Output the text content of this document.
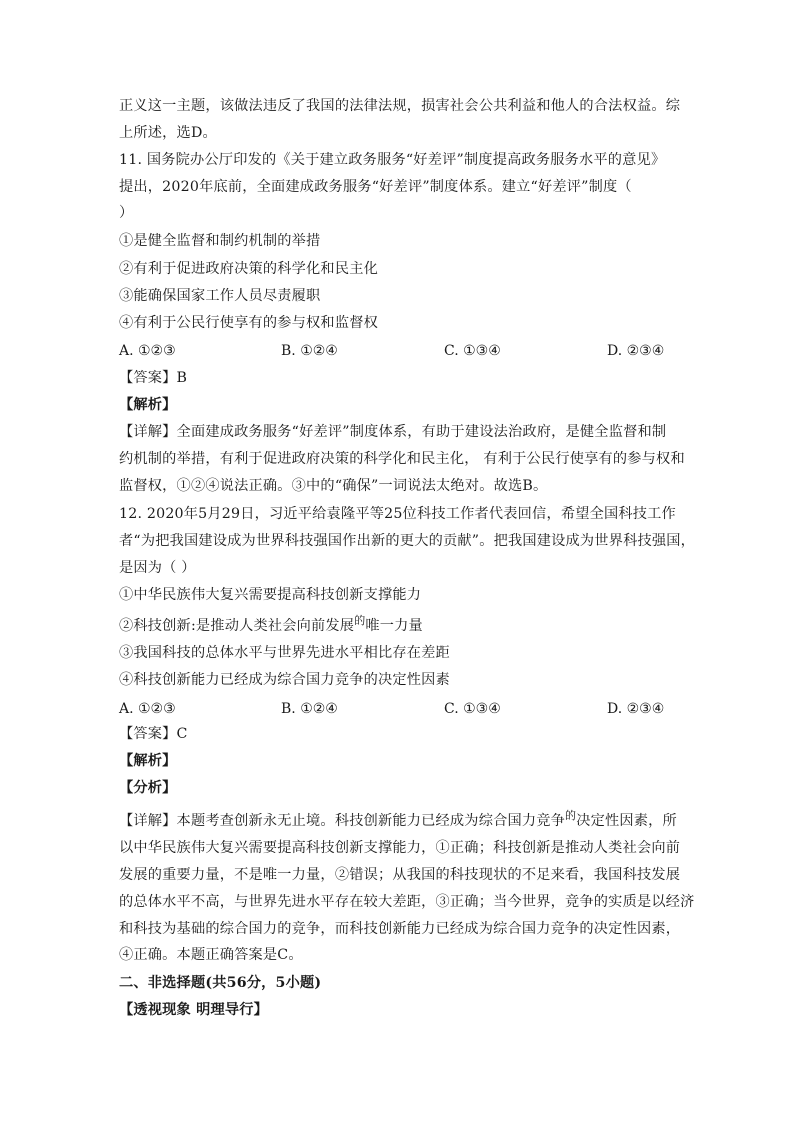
正义这一主题，该做法违反了我国的法律法规，损害社会公共利益和他人的合法权益。综
上所述，选D。
11. 国务院办公厅印发的《关于建立政务服务“好差评”制度提高政务服务水平的意见》
提出，2020年底前，全面建成政务服务“好差评”制度体系。建立“好差评”制度（
）
①是健全监督和制约机制的举措
②有利于促进政府决策的科学化和民主化
③能确保国家工作人员尽责履职
④有利于公民行使享有的参与权和监督权
A. ①②③	B. ①②④	C. ①③④	D. ②③④
【答案】B
【解析】
【详解】全面建成政务服务“好差评”制度体系，有助于建设法治政府，是健全监督和制
约机制的举措，有利于促进政府决策的科学化和民主化， 有利于公民行使享有的参与权和
监督权，①②④说法正确。③中的“确保”一词说法太绝对。故选B。
12. 2020年5月29日，习近平给袁隆平等25位科技工作者代表回信，希望全国科技工作
者“为把我国建设成为世界科技强国作出新的更大的贡献”。把我国建设成为世界科技强国，
是因为（ ）
①中华民族伟大复兴需要提高科技创新支撑能力
②科技创新:是推动人类社会向前发展$^的$唯一力量
③我国科技的总体水平与世界先进水平相比存在差距
④科技创新能力已经成为综合国力竞争的决定性因素
A. ①②③	B. ①②④	C. ①③④	D. ②③④
【答案】C
【解析】
【分析】
【详解】本题考查创新永无止境。科技创新能力已经成为综合国力竞争$^的$决定性因素，所
以中华民族伟大复兴需要提高科技创新支撑能力，①正确；科技创新是推动人类社会向前
发展的重要力量，不是唯一力量，②错误；从我国的科技现状的不足来看，我国科技发展
的总体水平不高，与世界先进水平存在较大差距，③正确；当今世界，竞争的实质是以经济
和科技为基础的综合国力的竞争，而科技创新能力已经成为综合国力竞争的决定性因素，
④正确。本题正确答案是C。
二、非选择题(共56分，5小题)
【透视现象 明理导行】
